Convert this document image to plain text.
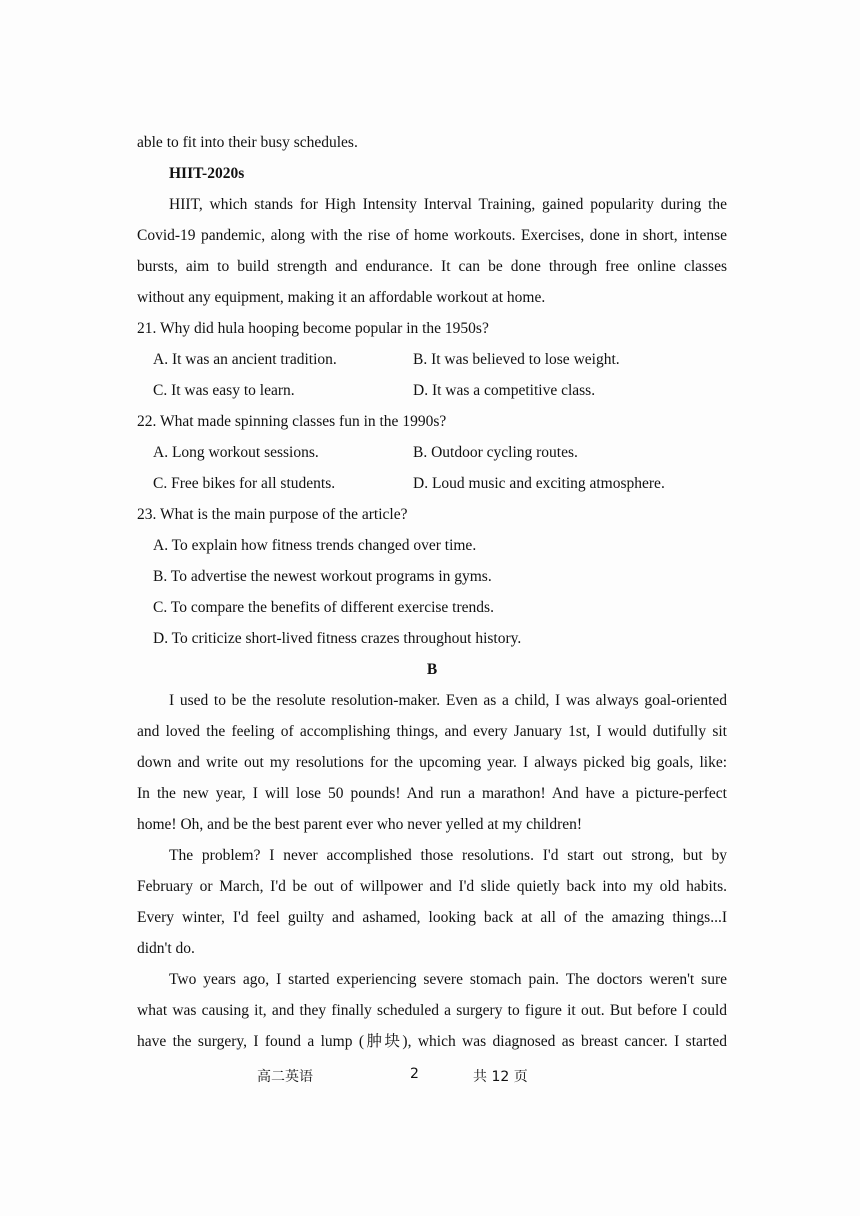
able to fit into their busy schedules.
HIIT-2020s
HIIT, which stands for High Intensity Interval Training, gained popularity during the
Covid-19 pandemic, along with the rise of home workouts. Exercises, done in short, intense
bursts, aim to build strength and endurance. It can be done through free online classes
without any equipment, making it an affordable workout at home.
21. Why did hula hooping become popular in the 1950s?
A. It was an ancient tradition.	B. It was believed to lose weight.
C. It was easy to learn.	D. It was a competitive class.
22. What made spinning classes fun in the 1990s?
A. Long workout sessions.	B. Outdoor cycling routes.
C. Free bikes for all students.	D. Loud music and exciting atmosphere.
23. What is the main purpose of the article?
A. To explain how fitness trends changed over time.
B. To advertise the newest workout programs in gyms.
C. To compare the benefits of different exercise trends.
D. To criticize short-lived fitness crazes throughout history.
B
I used to be the resolute resolution-maker. Even as a child, I was always goal-oriented
and loved the feeling of accomplishing things, and every January 1st, I would dutifully sit
down and write out my resolutions for the upcoming year. I always picked big goals, like:
In the new year, I will lose 50 pounds! And run a marathon! And have a picture-perfect
home! Oh, and be the best parent ever who never yelled at my children!
The problem? I never accomplished those resolutions. I'd start out strong, but by
February or March, I'd be out of willpower and I'd slide quietly back into my old habits.
Every winter, I'd feel guilty and ashamed, looking back at all of the amazing things...I
didn't do.
Two years ago, I started experiencing severe stomach pain. The doctors weren't sure
what was causing it, and they finally scheduled a surgery to figure it out. But before I could
have the surgery, I found a lump (肿块), which was diagnosed as breast cancer. I started
高二英语	2	共 12 页
